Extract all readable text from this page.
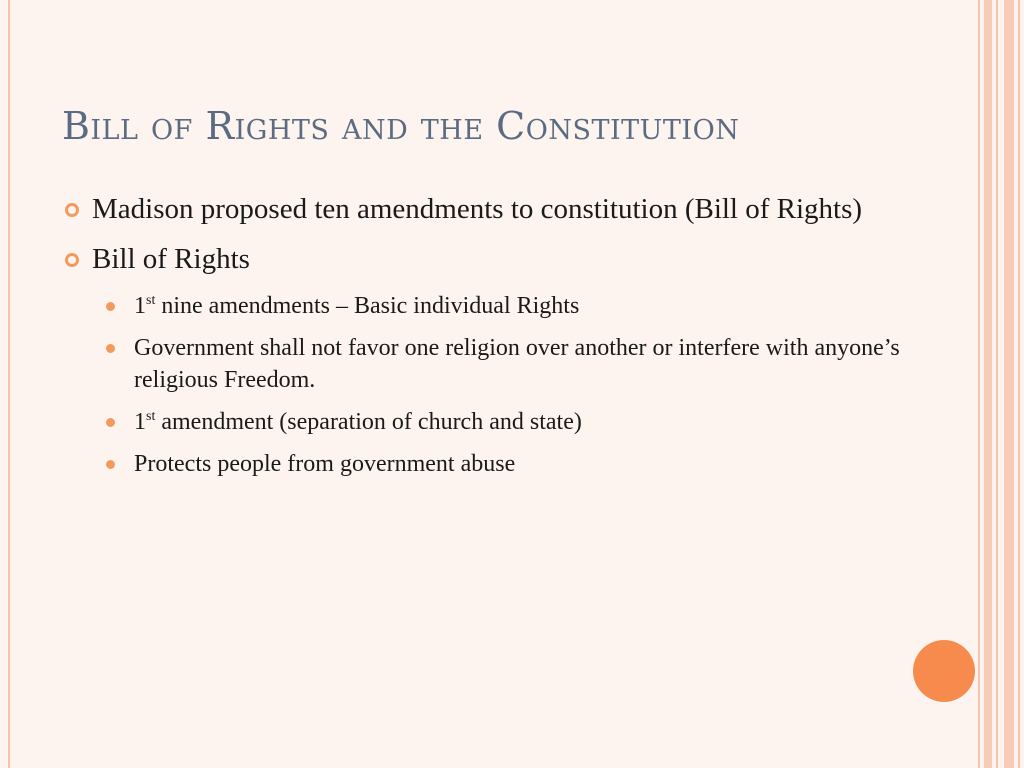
Bill of Rights and the Constitution
Madison proposed ten amendments to constitution (Bill of Rights)
Bill of Rights
1st nine amendments – Basic individual Rights
Government shall not favor one religion over another or interfere with anyone’s religious Freedom.
1st amendment (separation of church and state)
Protects people from government abuse
